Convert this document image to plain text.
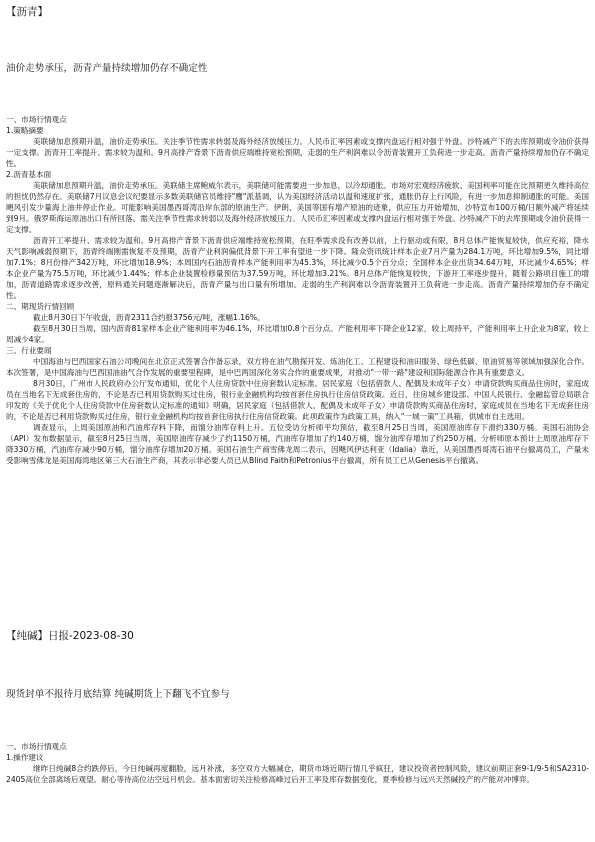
【沥青】
油价走势承压，沥青产量持续增加仍存不确定性

一、市场行情观点

1.策略摘要

美联储加息预期升温，油价走势承压。关注季节性需求转弱及海外经济放缓压力。人民币汇率因素或支撑内盘运行相对强于外盘。沙特减产下的去库预期或令油价获得一定支撑。沥青开工率提升、需求较为温和。9月高排产背景下沥青供应端维持宽松预期，走弱的生产利润难以令沥青装置开工负荷进一步走高。沥青产量持续增加仍存不确定性。

2.沥青基本面

美联储加息预期升温，油价走势承压。美联储主席鲍威尔表示，美联储可能需要进一步加息，以冷却通胀。市场对宏观经济疲软、美国利率可能在比预期更久维持高位的担忧仍然存在。美联储7月议息会议纪要显示多数美联储官员维持"鹰"派基调，认为美国经济活动以温和速度扩张，通胀仍存上行风险，有进一步加息抑制通胀的可能。美国飓风引发少量海上油井停止作业。可能影响美国墨西哥湾沿岸东部的原油生产。伊朗、美国等国有增产原油的迹象，供应压力开始增加，沙特宣布100万桶/日额外减产将延续到9月。俄罗斯海运原油出口有所回落。需关注季节性需求转弱以及海外经济放缓压力。人民币汇率因素或支撑内盘运行相对强于外盘。沙特减产下的去库预期或令油价获得一定支撑。

沥青开工率提升、需求较为温和。9月高排产背景下沥青供应端维持宽松预期，在旺季需求没有改善以前，上行驱动或有限，8月总体产能恢复较快，供应充裕，降水天气影响减弱预期下，沥青终端刚需恢复不及预期，沥青产业利润偏低背景下开工率有望进一步下降。隆众资讯统计样本企业7月产量为284.1万吨，环比增加9.5%，同比增加7.1%；8月份排产342万吨，环比增加18.9%；本周国内石油沥青样本产能利用率为45.3%，环比减少0.5个百分点；全国样本企业出货34.64万吨，环比减少4.65%；样本企业产量为75.5万吨，环比减少1.44%；样本企业装置检修量预估为37.59万吨，环比增加3.21%。8月总体产能恢复较快，下游开工率逐步提升，随着公路项目施工的增加，沥青道路需求逐步改善，原料通关问题逐渐解决后，沥青产量与出口量有所增加。走弱的生产利润难以令沥青装置开工负荷进一步走高。沥青产量持续增加仍存不确定性。

二、期现货行情回顾

截止8月30日下午收盘，沥青2311合约报3756元/吨，涨幅1.16%。

截至8月30日当周，国内沥青81家样本企业产能利用率为46.1%，环比增加0.8个百分点。产能利用率下降企业12家，较上周持平，产能利用率上升企业为8家，较上周减少4家。

三、行业要闻

中国海油与巴西国家石油公司晚间在北京正式签署合作备忘录，双方将在油气勘探开发、炼油化工、工程建设和油田服务、绿色低碳、原油贸易等领域加强深化合作。本次签署，是中国海油与巴西国油油气合作发展的重要里程碑，是中巴两国深化务实合作的重要成果，对推动"一带一路"建设和国际能源合作具有重要意义。

8月30日，广州市人民政府办公厅发布通知，优化个人住房贷款中住房套数认定标准。居民家庭（包括借款人、配偶及未成年子女）申请贷款购买商品住房时，家庭成员在当地名下无成套住房的，不论是否已利用贷款购买过住房，银行业金融机构均按首套住房执行住房信贷政策。近日，住房城乡建设部、中国人民银行、金融监管总局联合印发的《关于优化个人住房贷款中住房套数认定标准的通知》明确，居民家庭（包括借款人、配偶及未成年子女）申请贷款购买商品住房时，家庭成员在当地名下无成套住房的，不论是否已利用贷款购买过住房，银行业金融机构均按首套住房执行住房信贷政策。此项政策作为政策工具，纳入"一城一策"工具箱，供城市自主选用。

调查显示，上周美国原油和汽油库存料下降，而馏分油库存料上升。五位受访分析师平均预估，截至8月25日当周，美国原油库存下滑约330万桶。美国石油协会（API）发布数据显示，截至8月25日当周，美国原油库存减少了约1150万桶。汽油库存增加了约140万桶，馏分油库存增加了约250万桶。分析师原本预计上周原油库存下降330万桶，汽油库存减少90万桶，馏分油库存增加20万桶。美国石油生产商雪佛龙周二表示，因飓风伊达利亚（Idalia）靠近，从美国墨西哥湾石油平台撤离员工，产量未受影响雪佛龙是美国海湾地区第三大石油生产商，其表示非必要人员已从Blind Faith和Petronius平台撤离，所有员工已从Genesis平台撤离。

【纯碱】日报-2023-08-30
现货封单不报待月底结算 纯碱期货上下翻飞不宜参与

一、市场行情观点

1.操作建议

继昨日纯碱8合约跌停后，今日纯碱再度翻脸，远月补涨，多空双方大幅减仓，期货市场近期行情几乎疯狂，建议投资者控制风险，建议前期正套9-1/9-5和SA2310-2405高位全部离场后观望。耐心等待高位沽空远月机会。基本面密切关注检修高峰过后开工率及库存数据变化，夏季检修与远兴天然碱投产的产能对冲博弈。
